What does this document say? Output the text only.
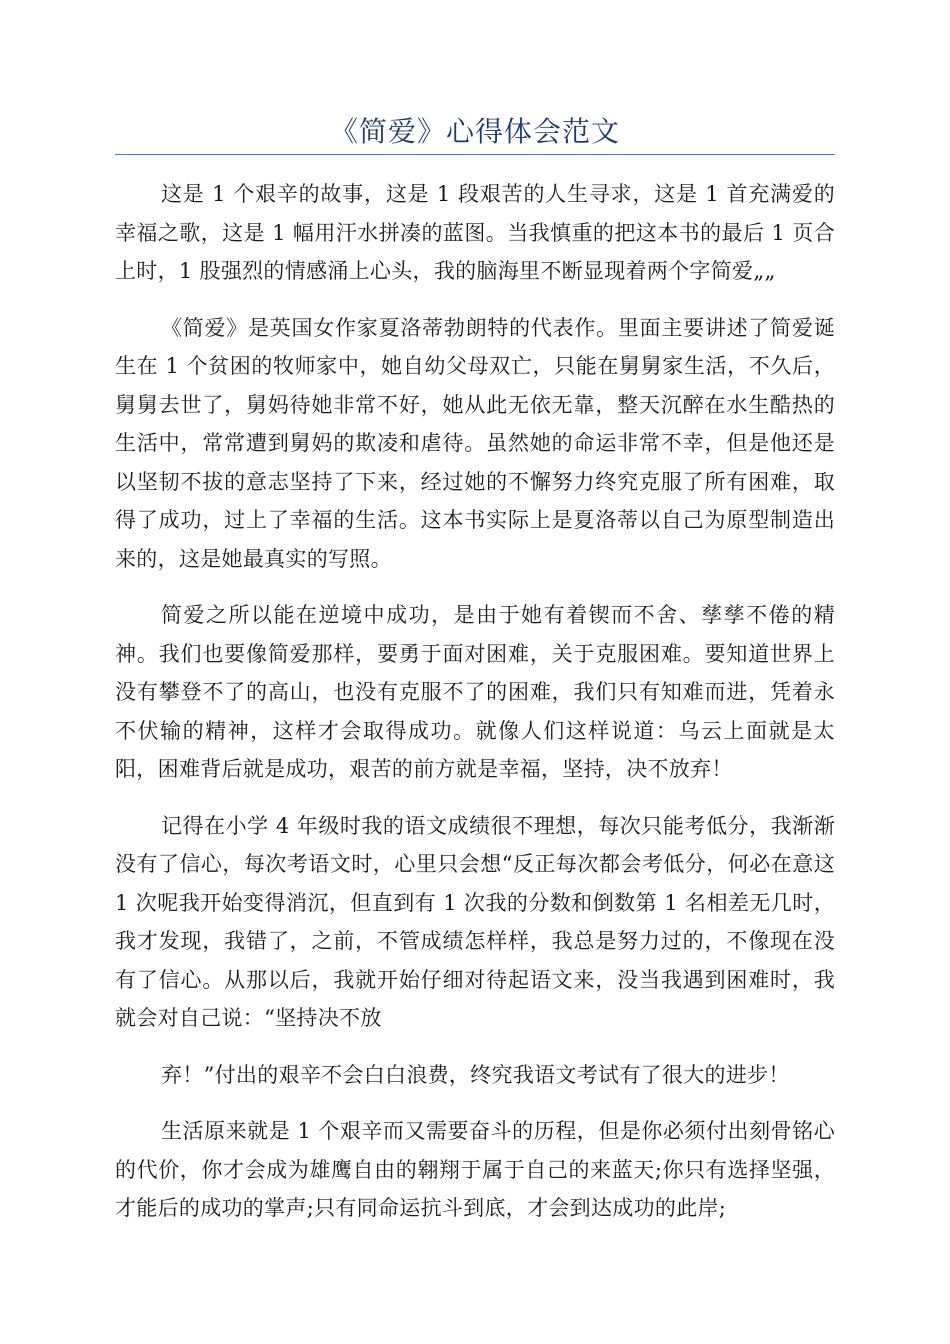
《简爱》心得体会范文

这是 1 个艰辛的故事，这是 1 段艰苦的人生寻求，这是 1 首充满爱的幸福之歌，这是 1 幅用汗水拼凑的蓝图。当我慎重的把这本书的最后 1 页合上时，1 股强烈的情感涌上心头，我的脑海里不断显现着两个字简爱„„

《简爱》是英国女作家夏洛蒂勃朗特的代表作。里面主要讲述了简爱诞生在 1 个贫困的牧师家中，她自幼父母双亡，只能在舅舅家生活，不久后，舅舅去世了，舅妈待她非常不好，她从此无依无靠，整天沉醉在水生酷热的生活中，常常遭到舅妈的欺凌和虐待。虽然她的命运非常不幸，但是他还是以坚韧不拔的意志坚持了下来，经过她的不懈努力终究克服了所有困难，取得了成功，过上了幸福的生活。这本书实际上是夏洛蒂以自己为原型制造出来的，这是她最真实的写照。

简爱之所以能在逆境中成功，是由于她有着锲而不舍、孳孳不倦的精神。我们也要像简爱那样，要勇于面对困难，关于克服困难。要知道世界上没有攀登不了的高山，也没有克服不了的困难，我们只有知难而进，凭着永不伏输的精神，这样才会取得成功。就像人们这样说道：乌云上面就是太阳，困难背后就是成功，艰苦的前方就是幸福，坚持，决不放弃！

记得在小学 4 年级时我的语文成绩很不理想，每次只能考低分，我渐渐没有了信心，每次考语文时，心里只会想“反正每次都会考低分，何必在意这 1 次呢我开始变得消沉，但直到有 1 次我的分数和倒数第 1 名相差无几时，我才发现，我错了，之前，不管成绩怎样样，我总是努力过的，不像现在没有了信心。从那以后，我就开始仔细对待起语文来，没当我遇到困难时，我就会对自己说：“坚持决不放

弃！”付出的艰辛不会白白浪费，终究我语文考试有了很大的进步！

生活原来就是 1 个艰辛而又需要奋斗的历程，但是你必须付出刻骨铭心的代价，你才会成为雄鹰自由的翱翔于属于自己的来蓝天;你只有选择坚强，才能后的成功的掌声;只有同命运抗斗到底，才会到达成功的此岸;
